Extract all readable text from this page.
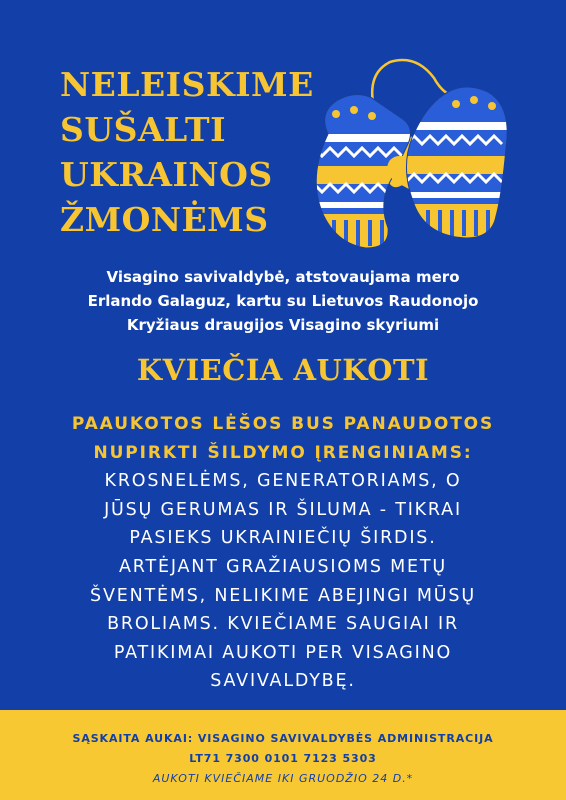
NELEISKIME
SUŠALTI
UKRAINOS
ŽMONĖMS
Visagino savivaldybė, atstovaujama mero
Erlando Galaguz, kartu su Lietuvos Raudonojo
Kryžiaus draugijos Visagino skyriumi
KVIEČIA AUKOTI
PAAUKOTOS LĖŠOS BUS PANAUDOTOS
NUPIRKTI ŠILDYMO ĮRENGINIAMS:
KROSNELĖMS, GENERATORIAMS, O
JŪSŲ GERUMAS IR ŠILUMA - TIKRAI
PASIEKS UKRAINIEČIŲ ŠIRDIS.
ARTĖJANT GRAŽIAUSIOMS METŲ
ŠVENTĖMS, NELIKIME ABEJINGI MŪSŲ
BROLIAMS. KVIEČIAME SAUGIAI IR
PATIKIMAI AUKOTI PER VISAGINO
SAVIVALDYBĘ.
SĄSKAITA AUKAI: VISAGINO SAVIVALDYBĖS ADMINISTRACIJA
LT71 7300 0101 7123 5303
AUKOTI KVIEČIAME IKI GRUODŽIO 24 D.*
